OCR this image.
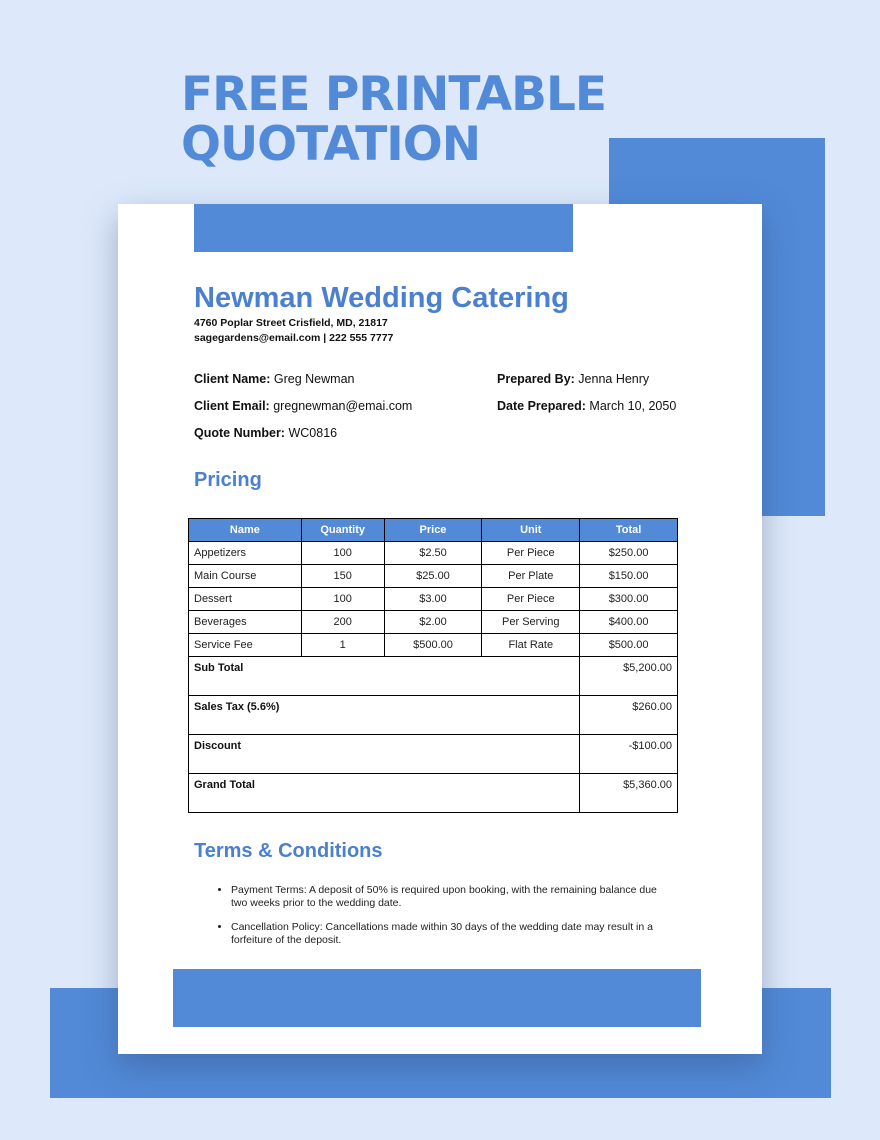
FREE PRINTABLE
QUOTATION
Newman Wedding Catering
4760 Poplar Street Crisfield, MD, 21817
sagegardens@email.com | 222 555 7777
Client Name: Greg Newman
Client Email: gregnewman@emai.com
Quote Number: WC0816
Prepared By: Jenna Henry
Date Prepared: March 10, 2050
Pricing
Name	Quantity	Price	Unit	Total
Appetizers	100	$2.50	Per Piece	$250.00
Main Course	150	$25.00	Per Plate	$150.00
Dessert	100	$3.00	Per Piece	$300.00
Beverages	200	$2.00	Per Serving	$400.00
Service Fee	1	$500.00	Flat Rate	$500.00
Sub Total				$5,200.00
Sales Tax (5.6%)				$260.00
Discount				-$100.00
Grand Total				$5,360.00
Terms & Conditions
• Payment Terms: A deposit of 50% is required upon booking, with the remaining balance due two weeks prior to the wedding date.
• Cancellation Policy: Cancellations made within 30 days of the wedding date may result in a forfeiture of the deposit.
